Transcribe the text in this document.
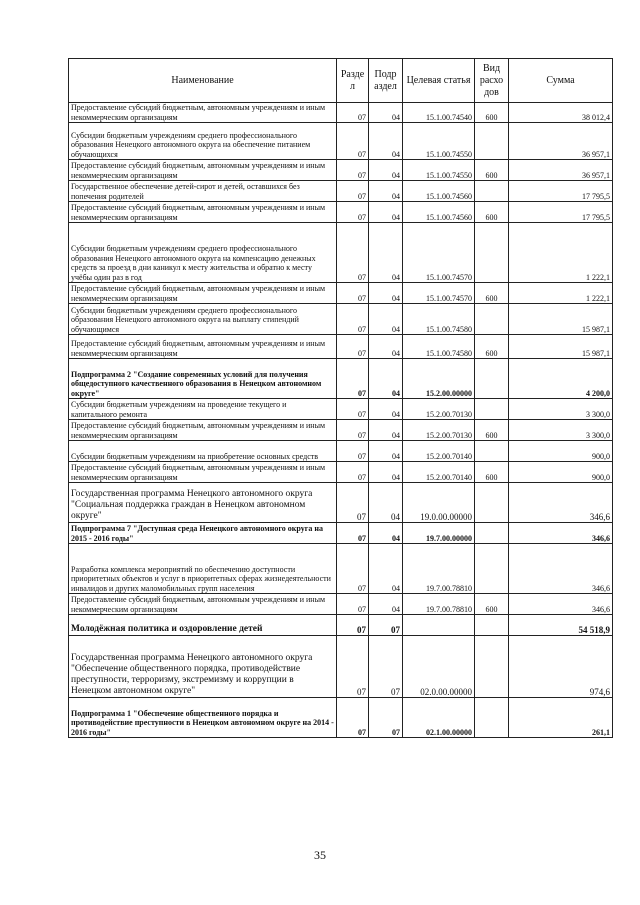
Наименование	Разде л	Подр аздел	Целевая статья	Вид расхо дов	Сумма
Предоставление субсидий бюджетным, автономным учреждениям и иным некоммерческим организациям	07	04	15.1.00.74540	600	38 012,4
Субсидии бюджетным учреждениям среднего профессионального образования Ненецкого автономного округа на обеспечение питанием обучающихся	07	04	15.1.00.74550		36 957,1
Предоставление субсидий бюджетным, автономным учреждениям и иным некоммерческим организациям	07	04	15.1.00.74550	600	36 957,1
Государственное обеспечение детей-сирот и детей, оставшихся без попечения родителей	07	04	15.1.00.74560		17 795,5
Предоставление субсидий бюджетным, автономным учреждениям и иным некоммерческим организациям	07	04	15.1.00.74560	600	17 795,5
Субсидии бюджетным учреждениям среднего профессионального образования Ненецкого автономного округа на компенсацию денежных средств за проезд в дни каникул к месту жительства и обратно к месту учёбы один раз в год	07	04	15.1.00.74570		1 222,1
Предоставление субсидий бюджетным, автономным учреждениям и иным некоммерческим организациям	07	04	15.1.00.74570	600	1 222,1
Субсидии бюджетным учреждениям среднего профессионального образования Ненецкого автономного округа на выплату стипендий обучающимся	07	04	15.1.00.74580		15 987,1
Предоставление субсидий бюджетным, автономным учреждениям и иным некоммерческим организациям	07	04	15.1.00.74580	600	15 987,1
Подпрограмма 2 "Создание современных условий для получения общедоступного качественного образования в Ненецком автономном округе"	07	04	15.2.00.00000		4 200,0
Субсидии бюджетным учреждениям на проведение текущего и капитального ремонта	07	04	15.2.00.70130		3 300,0
Предоставление субсидий бюджетным, автономным учреждениям и иным некоммерческим организациям	07	04	15.2.00.70130	600	3 300,0
Субсидии бюджетным учреждениям на приобретение основных средств	07	04	15.2.00.70140		900,0
Предоставление субсидий бюджетным, автономным учреждениям и иным некоммерческим организациям	07	04	15.2.00.70140	600	900,0
Государственная программа Ненецкого автономного округа "Социальная поддержка граждан в Ненецком автономном округе"	07	04	19.0.00.00000		346,6
Подпрограмма 7 "Доступная среда Ненецкого автономного округа на 2015 - 2016 годы"	07	04	19.7.00.00000		346,6
Разработка комплекса мероприятий по обеспечению доступности приоритетных объектов и услуг в приоритетных сферах жизнедеятельности инвалидов и других маломобильных групп населения	07	04	19.7.00.78810		346,6
Предоставление субсидий бюджетным, автономным учреждениям и иным некоммерческим организациям	07	04	19.7.00.78810	600	346,6
Молодёжная политика и оздоровление детей	07	07			54 518,9
Государственная программа Ненецкого автономного округа "Обеспечение общественного порядка, противодействие преступности, терроризму, экстремизму и коррупции в Ненецком автономном округе"	07	07	02.0.00.00000		974,6
Подпрограмма 1 "Обеспечение общественного порядка и противодействие преступности в Ненецком автономном округе на 2014 - 2016 годы"	07	07	02.1.00.00000		261,1
35
